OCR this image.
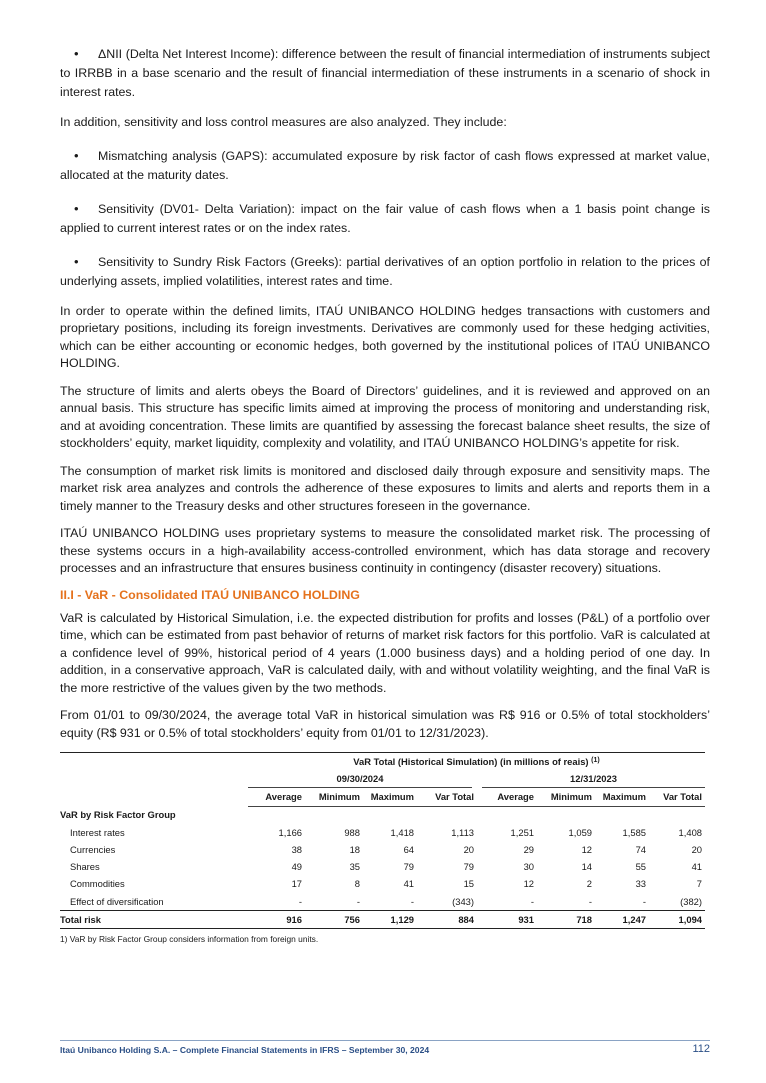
• ΔNII (Delta Net Interest Income): difference between the result of financial intermediation of instruments subject to IRRBB in a base scenario and the result of financial intermediation of these instruments in a scenario of shock in interest rates.

In addition, sensitivity and loss control measures are also analyzed. They include:

• Mismatching analysis (GAPS): accumulated exposure by risk factor of cash flows expressed at market value, allocated at the maturity dates.
• Sensitivity (DV01- Delta Variation): impact on the fair value of cash flows when a 1 basis point change is applied to current interest rates or on the index rates.
• Sensitivity to Sundry Risk Factors (Greeks): partial derivatives of an option portfolio in relation to the prices of underlying assets, implied volatilities, interest rates and time.

In order to operate within the defined limits, ITAÚ UNIBANCO HOLDING hedges transactions with customers and proprietary positions, including its foreign investments. Derivatives are commonly used for these hedging activities, which can be either accounting or economic hedges, both governed by the institutional polices of ITAÚ UNIBANCO HOLDING.

The structure of limits and alerts obeys the Board of Directors’ guidelines, and it is reviewed and approved on an annual basis. This structure has specific limits aimed at improving the process of monitoring and understanding risk, and at avoiding concentration. These limits are quantified by assessing the forecast balance sheet results, the size of stockholders’ equity, market liquidity, complexity and volatility, and ITAÚ UNIBANCO HOLDING’s appetite for risk.

The consumption of market risk limits is monitored and disclosed daily through exposure and sensitivity maps. The market risk area analyzes and controls the adherence of these exposures to limits and alerts and reports them in a timely manner to the Treasury desks and other structures foreseen in the governance.

ITAÚ UNIBANCO HOLDING uses proprietary systems to measure the consolidated market risk. The processing of these systems occurs in a high-availability access-controlled environment, which has data storage and recovery processes and an infrastructure that ensures business continuity in contingency (disaster recovery) situations.

II.I - VaR - Consolidated ITAÚ UNIBANCO HOLDING

VaR is calculated by Historical Simulation, i.e. the expected distribution for profits and losses (P&L) of a portfolio over time, which can be estimated from past behavior of returns of market risk factors for this portfolio. VaR is calculated at a confidence level of 99%, historical period of 4 years (1.000 business days) and a holding period of one day. In addition, in a conservative approach, VaR is calculated daily, with and without volatility weighting, and the final VaR is the more restrictive of the values given by the two methods.

From 01/01 to 09/30/2024, the average total VaR in historical simulation was R$ 916 or 0.5% of total stockholders’ equity (R$ 931 or 0.5% of total stockholders’ equity from 01/01 to 12/31/2023).

	VaR Total (Historical Simulation) (in millions of reais) $^{(1)}$
	09/30/2024				12/31/2023			
	Average	Minimum	Maximum	Var Total	Average	Minimum	Maximum	Var Total
VaR by Risk Factor Group								
Interest rates	1,166	988	1,418	1,113	1,251	1,059	1,585	1,408
Currencies	38	18	64	20	29	12	74	20
Shares	49	35	79	79	30	14	55	41
Commodities	17	8	41	15	12	2	33	7
Effect of diversification	-	-	-	(343)	-	-	-	(382)
Total risk	916	756	1,129	884	931	718	1,247	1,094
1) VaR by Risk Factor Group considers information from foreign units.
Itaú Unibanco Holding S.A. – Complete Financial Statements in IFRS – September 30, 2024	112
